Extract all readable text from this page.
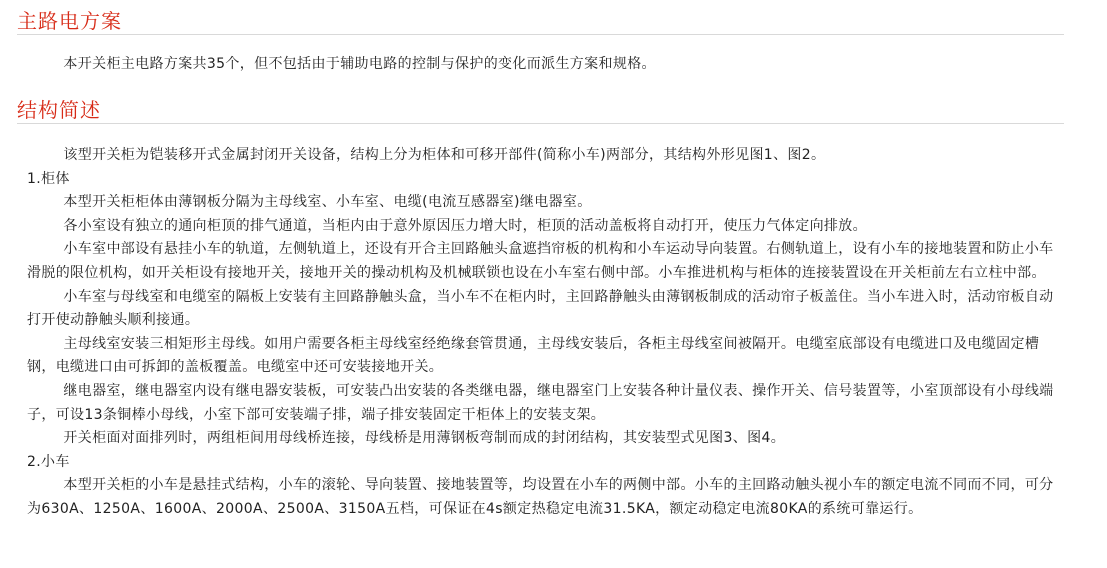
主路电方案

本开关柜主电路方案共35个，但不包括由于辅助电路的控制与保护的变化而派生方案和规格。

结构简述

该型开关柜为铠装移开式金属封闭开关设备，结构上分为柜体和可移开部件(简称小车)两部分，其结构外形见图1、图2。

1.柜体

本型开关柜柜体由薄钢板分隔为主母线室、小车室、电缆(电流互感器室)继电器室。

各小室设有独立的通向柜顶的排气通道，当柜内由于意外原因压力增大时，柜顶的活动盖板将自动打开，使压力气体定向排放。

小车室中部设有悬挂小车的轨道，左侧轨道上，还设有开合主回路触头盒遮挡帘板的机构和小车运动导向装置。右侧轨道上，设有小车的接地装置和防止小车滑脱的限位机构，如开关柜设有接地开关，接地开关的操动机构及机械联锁也设在小车室右侧中部。小车推进机构与柜体的连接装置设在开关柜前左右立柱中部。

小车室与母线室和电缆室的隔板上安装有主回路静触头盒，当小车不在柜内时，主回路静触头由薄钢板制成的活动帘子板盖住。当小车进入时，活动帘板自动打开使动静触头顺利接通。

主母线室安装三相矩形主母线。如用户需要各柜主母线室经绝缘套管贯通，主母线安装后，各柜主母线室间被隔开。电缆室底部设有电缆进口及电缆固定槽钢，电缆进口由可拆卸的盖板覆盖。电缆室中还可安装接地开关。

继电器室，继电器室内设有继电器安装板，可安装凸出安装的各类继电器，继电器室门上安装各种计量仪表、操作开关、信号装置等，小室顶部设有小母线端子，可设13条铜棒小母线，小室下部可安装端子排，端子排安装固定干柜体上的安装支架。

开关柜面对面排列时，两组柜间用母线桥连接，母线桥是用薄钢板弯制而成的封闭结构，其安装型式见图3、图4。

2.小车

本型开关柜的小车是悬挂式结构，小车的滚轮、导向装置、接地装置等，均设置在小车的两侧中部。小车的主回路动触头视小车的额定电流不同而不同，可分为630A、1250A、1600A、2000A、2500A、3150A五档，可保证在4s额定热稳定电流31.5KA，额定动稳定电流80KA的系统可靠运行。
